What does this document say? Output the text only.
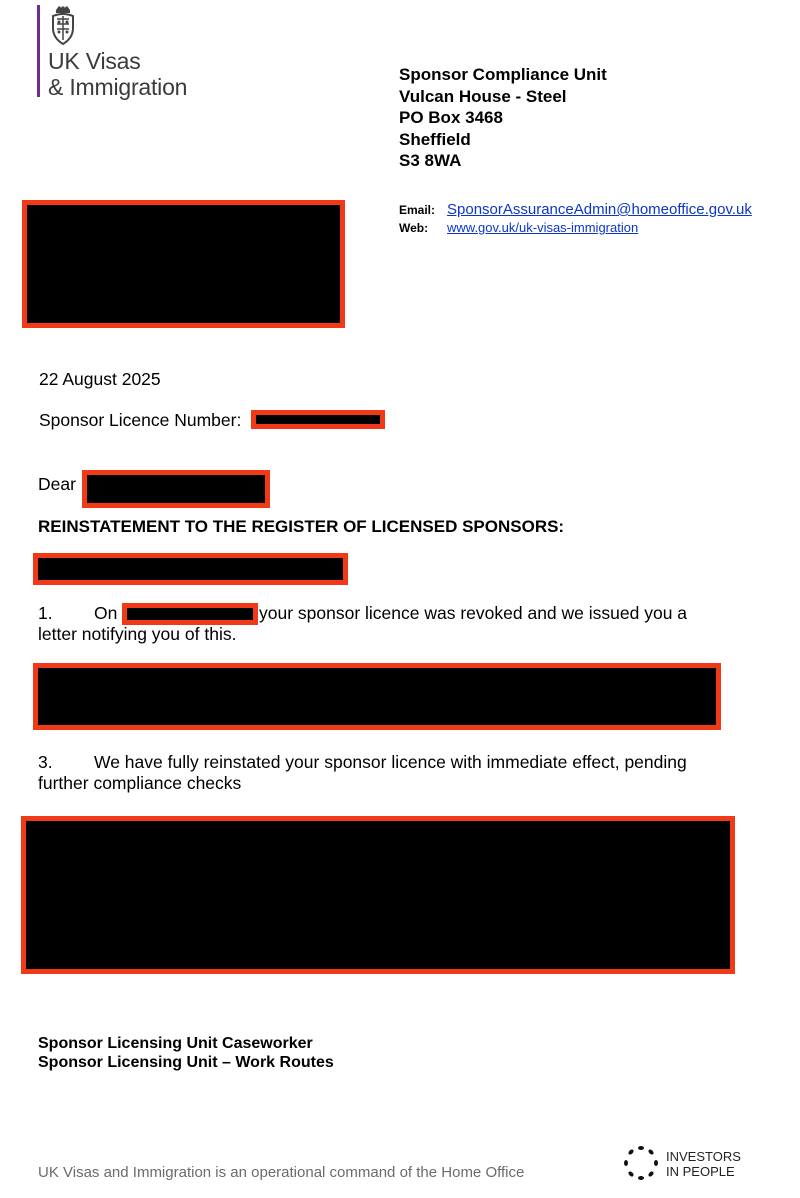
UK Visas
& Immigration	Sponsor Compliance Unit
Vulcan House - Steel
PO Box 3468
Sheffield
S3 8WA
Email: SponsorAssuranceAdmin@homeoffice.gov.uk
Web: www.gov.uk/uk-visas-immigration
22 August 2025
Sponsor Licence Number:
Dear
REINSTATEMENT TO THE REGISTER OF LICENSED SPONSORS:
1. On	your sponsor licence was revoked and we issued you a
letter notifying you of this.
3. We have fully reinstated your sponsor licence with immediate effect, pending
further compliance checks
Sponsor Licensing Unit Caseworker
Sponsor Licensing Unit – Work Routes
UK Visas and Immigration is an operational command of the Home Office
INVESTORS
IN PEOPLE
